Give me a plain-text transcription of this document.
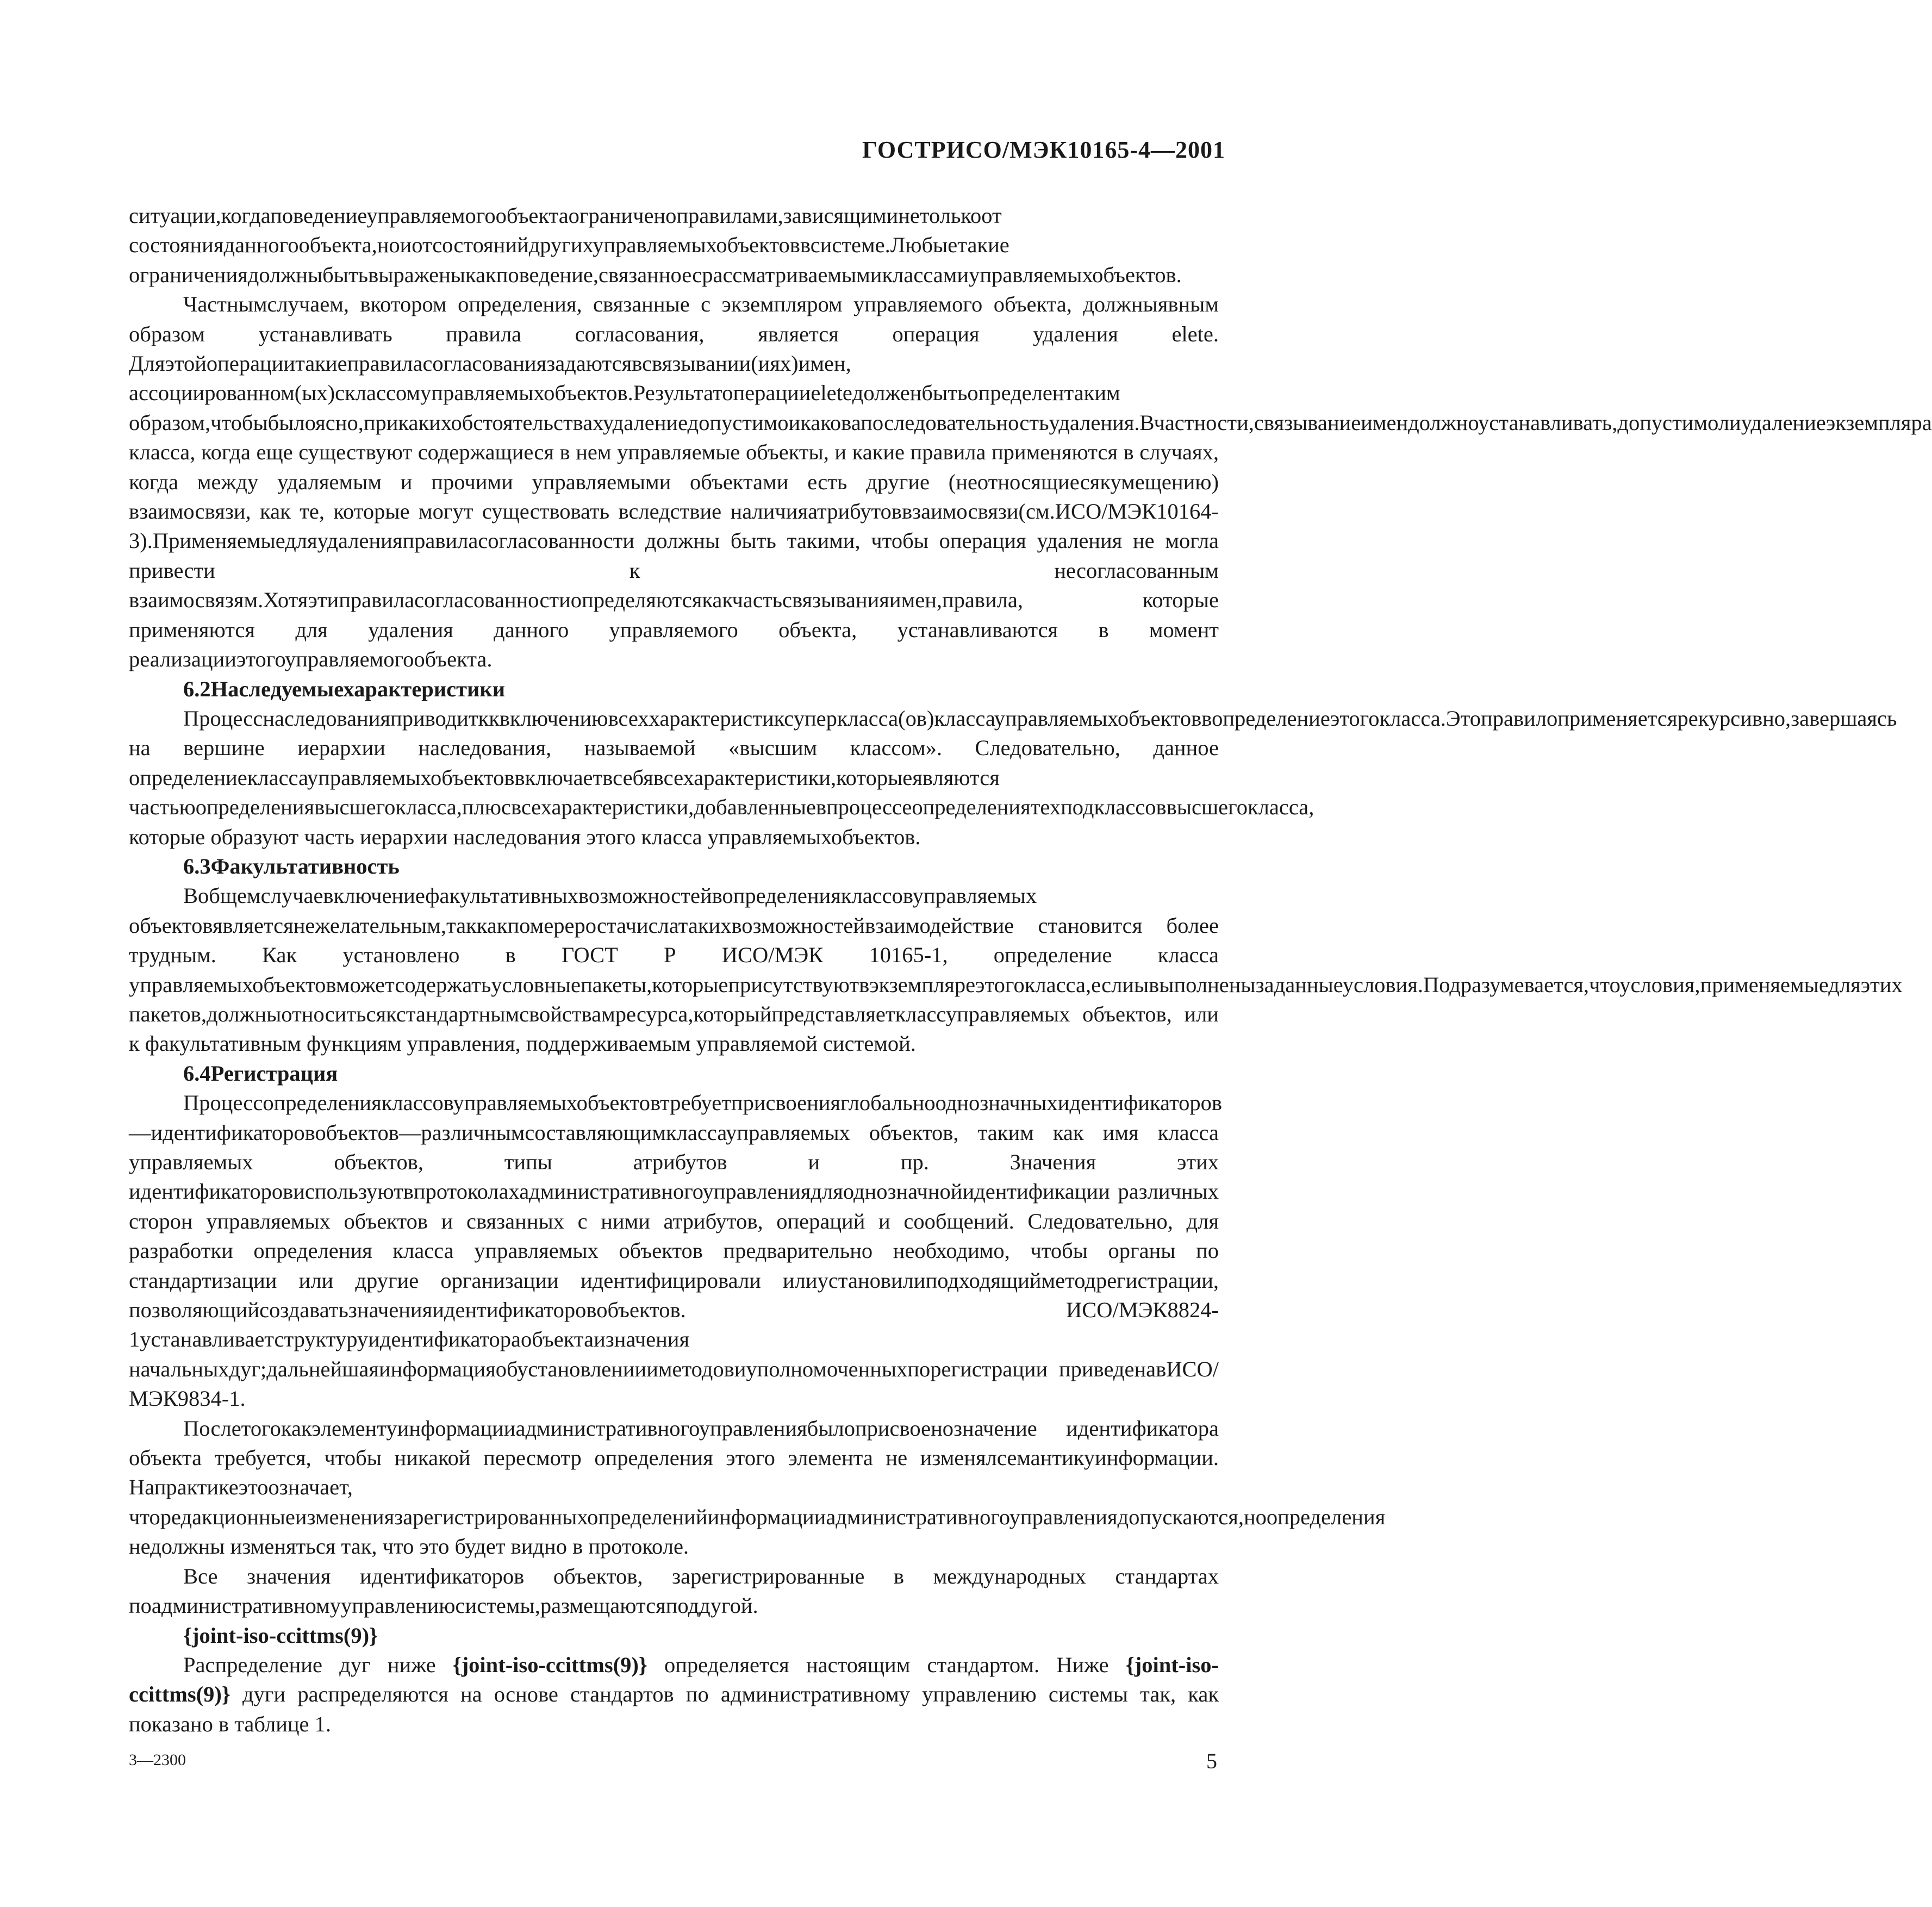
ГОСТРИСО/МЭК10165-4—2001

ситуации,когдаповедениеуправляемогообъектаограниченоправилами,зависящиминетолькоот состоянияданногообъекта,ноиотсостоянийдругихуправляемыхобъектоввсистеме.Любыетакие ограничениядолжныбытьвыраженыкакповедение,связанноесрассматриваемымиклассамиуправляемыхобъектов.

Частнымслучаем, вкотором определения, связанные с экземпляром управляемого объекта, должныявным образом устанавливать правила согласования, является операция удаления elete. Дляэтойоперациитакиеправиласогласованиязадаютсявсвязывании(иях)имен, ассоциированном(ых)склассомуправляемыхобъектов.Результатоперацииeleteдолженбытьопределентаким образом,чтобыбылоясно,прикакихобстоятельствахудалениедопустимоикаковапоследовательностьудаления.Вчастности,связываниеимендолжноустанавливать,допустимолиудалениеэкземпляра класса, когда еще существуют содержащиеся в нем управляемые объекты, и какие правила применяются в случаях, когда между удаляемым и прочими управляемыми объектами есть другие (неотносящиесякумещению) взаимосвязи, как те, которые могут существовать вследствие наличияатрибутоввзаимосвязи(см.ИСО/МЭК10164-3).Применяемыедляудаленияправиласогласованности должны быть такими, чтобы операция удаления не могла привести к несогласованным взаимосвязям.Хотяэтиправиласогласованностиопределяютсякакчастьсвязыванияимен,правила, которые применяются для удаления данного управляемого объекта, устанавливаются в момент реализацииэтогоуправляемогообъекта.

6.2Наследуемыехарактеристики

Процесснаследованияприводиткквключениювсеххарактеристиксуперкласса(ов)классауправляемыхобъектоввопределениеэтогокласса.Этоправилоприменяетсярекурсивно,завершаясь на вершине иерархии наследования, называемой «высшим классом». Следовательно, данное определениеклассауправляемыхобъектоввключаетвсебявсехарактеристики,которыеявляются частьюопределениявысшегокласса,плюсвсехарактеристики,добавленныевпроцессеопределениятехподклассоввысшегокласса, которые образуют часть иерархии наследования этого класса управляемыхобъектов.

6.3Факультативность

Вобщемслучаевключениефакультативныхвозможностейвопределенияклассовуправляемых объектовявляетсянежелательным,таккакпомереростачислатакихвозможностейвзаимодействие становится более трудным. Как установлено в ГОСТ Р ИСО/МЭК 10165-1, определение класса управляемыхобъектовможетсодержатьусловныепакеты,которыеприсутствуютвэкземпляреэтогокласса,еслиывыполненызаданныеусловия.Подразумевается,чтоусловия,применяемыедляэтих пакетов,должныотноситьсякстандартнымсвойствамресурса,которыйпредставляетклассуправляемых объектов, или к факультативным функциям управления, поддерживаемым управляемой системой.

6.4Регистрация

Процессопределенияклассовуправляемыхобъектовтребуетприсвоенияглобальнооднозначныхидентификаторов—идентификаторовобъектов—различнымсоставляющимклассауправляемых объектов, таким как имя класса управляемых объектов, типы атрибутов и пр. Значения этих идентификаторовиспользуютвпротоколахадминистративногоуправлениядляоднозначнойидентификации различных сторон управляемых объектов и связанных с ними атрибутов, операций и сообщений. Следовательно, для разработки определения класса управляемых объектов предварительно необходимо, чтобы органы по стандартизации или другие организации идентифицировали илиустановилиподходящийметодрегистрации, позволяющийсоздаватьзначенияидентификаторовобъектов. ИСО/МЭК8824-1устанавливаетструктуруидентификатораобъектаизначения начальныхдуг;дальнейшаяинформацияобустановлениииметодовиуполномоченныхпорегистрации приведенавИСО/МЭК9834-1.

Послетогокакэлементуинформацииадминистративногоуправлениябылоприсвоенозначение идентификатора объекта требуется, чтобы никакой пересмотр определения этого элемента не изменялсемантикуинформации. Напрактикеэтоозначает, чторедакционныеизменениязарегистрированныхопределенийинформацииадминистративногоуправлениядопускаются,ноопределения недолжны изменяться так, что это будет видно в протоколе.

Все значения идентификаторов объектов, зарегистрированные в международных стандартах поадминистративномууправлениюсистемы,размещаютсяподдугой.

{joint-iso-ccittms(9)}

Распределение дуг ниже {joint-iso-ccittms(9)} определяется настоящим стандартом. Ниже {joint-iso-ccittms(9)} дуги распределяются на основе стандартов по административному управлению системы так, как показано в таблице 1.

3—2300	5
